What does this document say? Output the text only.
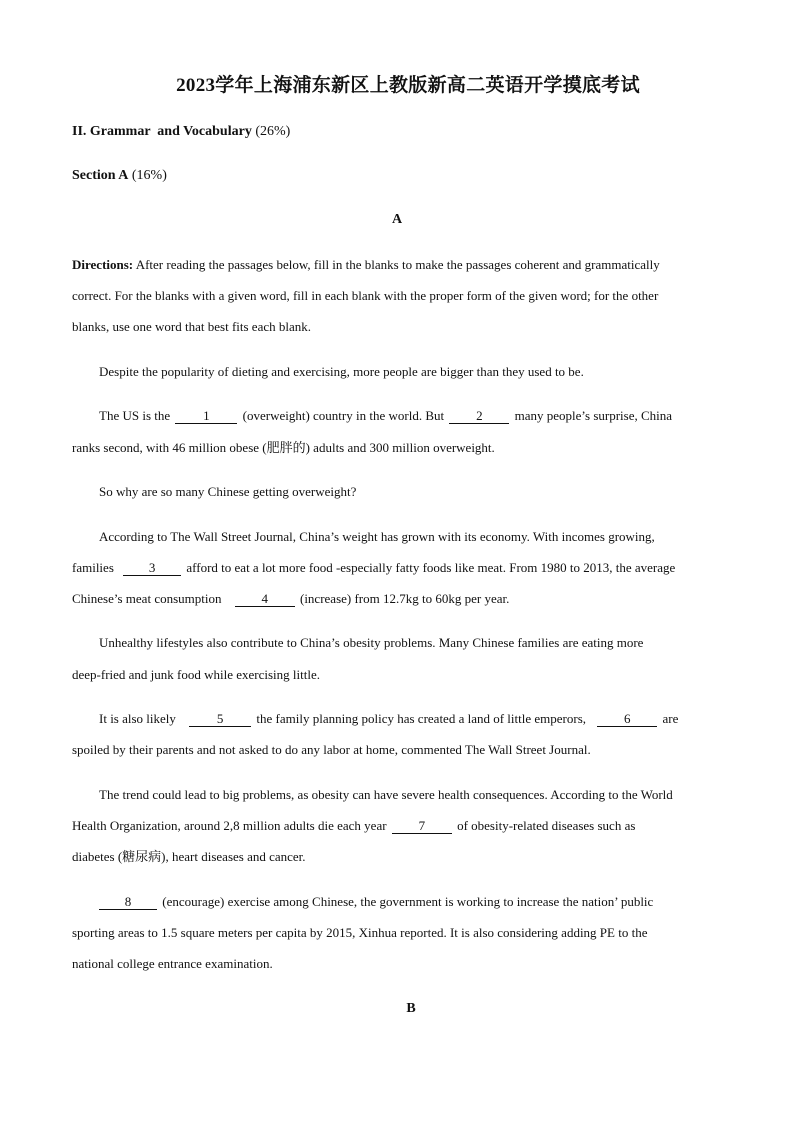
2023学年上海浦东新区上教版新高二英语开学摸底考试
II. Grammar  and Vocabulary (26%)
Section A (16%)
A
Directions: After reading the passages below, fill in the blanks to make the passages coherent and grammatically
correct. For the blanks with a given word, fill in each blank with the proper form of the given word; for the other
blanks, use one word that best fits each blank.
Despite the popularity of dieting and exercising, more people are bigger than they used to be.
The US is the	1	(overweight) country in the world. But 2 many people’s surprise, China
ranks second, with 46 million obese (肥胖的) adults and 300 million overweight.
So why are so many Chinese getting overweight?
According to The Wall Street Journal, China’s weight has grown with its economy. With incomes growing,
families	3 afford to eat a lot more food -especially fatty foods like meat. From 1980 to 2013, the average
Chinese’s meat consumption	4 (increase) from 12.7kg to 60kg per year.
Unhealthy lifestyles also contribute to China’s obesity problems. Many Chinese families are eating more
deep-fried and junk food while exercising little.
It is also likely	5	the family planning policy has created a land of little emperors,	6 are
spoiled by their parents and not asked to do any labor at home, commented The Wall Street Journal.
The trend could lead to big problems, as obesity can have severe health consequences. According to the World
Health Organization, around 2,8 million adults die each year 7 of obesity-related diseases such as
diabetes (糖尿病), heart diseases and cancer.
8 (encourage) exercise among Chinese, the government is working to increase the nation’ public
sporting areas to 1.5 square meters per capita by 2015, Xinhua reported. It is also considering adding PE to the
national college entrance examination.
B
